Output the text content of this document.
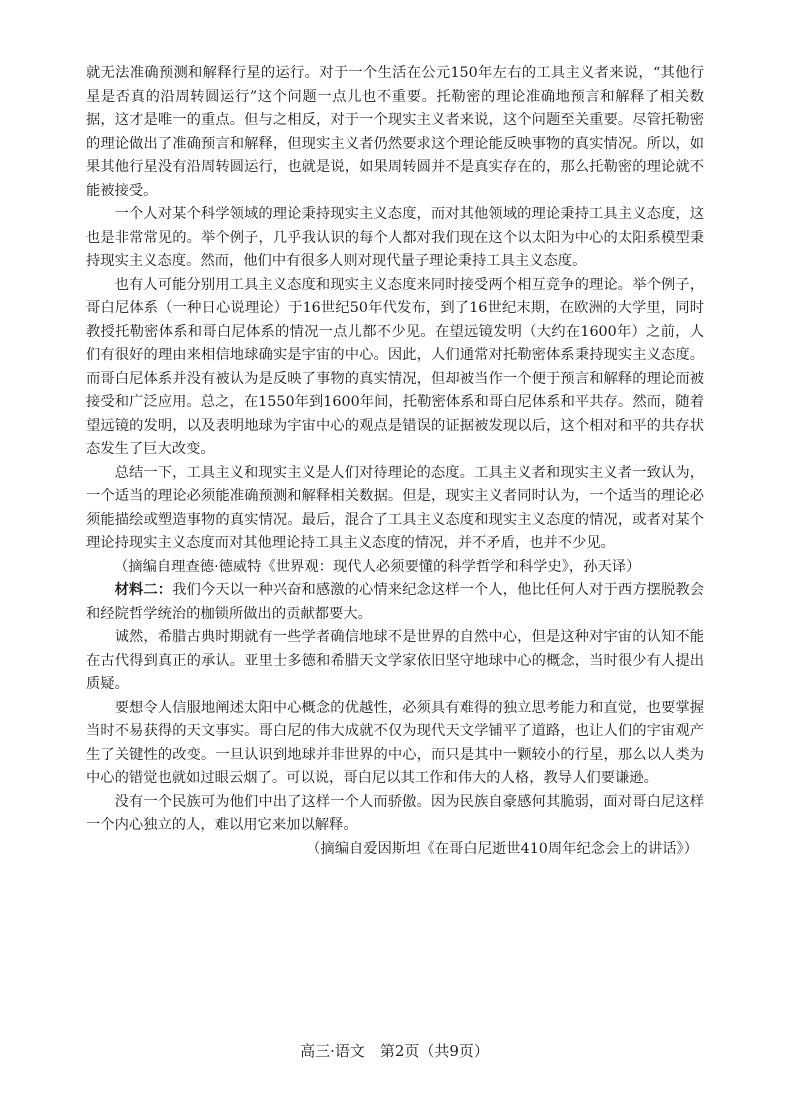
就无法准确预测和解释行星的运行。对于一个生活在公元150年左右的工具主义者来说，“其他行星是否真的沿周转圆运行”这个问题一点儿也不重要。托勒密的理论准确地预言和解释了相关数据，这才是唯一的重点。但与之相反，对于一个现实主义者来说，这个问题至关重要。尽管托勒密的理论做出了准确预言和解释，但现实主义者仍然要求这个理论能反映事物的真实情况。所以，如果其他行星没有沿周转圆运行，也就是说，如果周转圆并不是真实存在的，那么托勒密的理论就不能被接受。

一个人对某个科学领域的理论秉持现实主义态度，而对其他领域的理论秉持工具主义态度，这也是非常常见的。举个例子，几乎我认识的每个人都对我们现在这个以太阳为中心的太阳系模型秉持现实主义态度。然而，他们中有很多人则对现代量子理论秉持工具主义态度。

也有人可能分别用工具主义态度和现实主义态度来同时接受两个相互竞争的理论。举个例子，哥白尼体系（一种日心说理论）于16世纪50年代发布，到了16世纪末期，在欧洲的大学里，同时教授托勒密体系和哥白尼体系的情况一点儿都不少见。在望远镜发明（大约在1600年）之前，人们有很好的理由来相信地球确实是宇宙的中心。因此，人们通常对托勒密体系秉持现实主义态度。而哥白尼体系并没有被认为是反映了事物的真实情况，但却被当作一个便于预言和解释的理论而被接受和广泛应用。总之，在1550年到1600年间，托勒密体系和哥白尼体系和平共存。然而，随着望远镜的发明，以及表明地球为宇宙中心的观点是错误的证据被发现以后，这个相对和平的共存状态发生了巨大改变。

总结一下，工具主义和现实主义是人们对待理论的态度。工具主义者和现实主义者一致认为，一个适当的理论必须能准确预测和解释相关数据。但是，现实主义者同时认为，一个适当的理论必须能描绘或塑造事物的真实情况。最后，混合了工具主义态度和现实主义态度的情况，或者对某个理论持现实主义态度而对其他理论持工具主义态度的情况，并不矛盾，也并不少见。

（摘编自理查德·德威特《世界观：现代人必须要懂的科学哲学和科学史》，孙天译）

材料二：我们今天以一种兴奋和感激的心情来纪念这样一个人，他比任何人对于西方摆脱教会和经院哲学统治的枷锁所做出的贡献都要大。

诚然，希腊古典时期就有一些学者确信地球不是世界的自然中心，但是这种对宇宙的认知不能在古代得到真正的承认。亚里士多德和希腊天文学家依旧坚守地球中心的概念，当时很少有人提出质疑。

要想令人信服地阐述太阳中心概念的优越性，必须具有难得的独立思考能力和直觉，也要掌握当时不易获得的天文事实。哥白尼的伟大成就不仅为现代天文学铺平了道路，也让人们的宇宙观产生了关键性的改变。一旦认识到地球并非世界的中心，而只是其中一颗较小的行星，那么以人类为中心的错觉也就如过眼云烟了。可以说，哥白尼以其工作和伟大的人格，教导人们要谦逊。

没有一个民族可为他们中出了这样一个人而骄傲。因为民族自豪感何其脆弱，面对哥白尼这样一个内心独立的人，难以用它来加以解释。

（摘编自爱因斯坦《在哥白尼逝世410周年纪念会上的讲话》）

高三·语文　第2页（共9页）
